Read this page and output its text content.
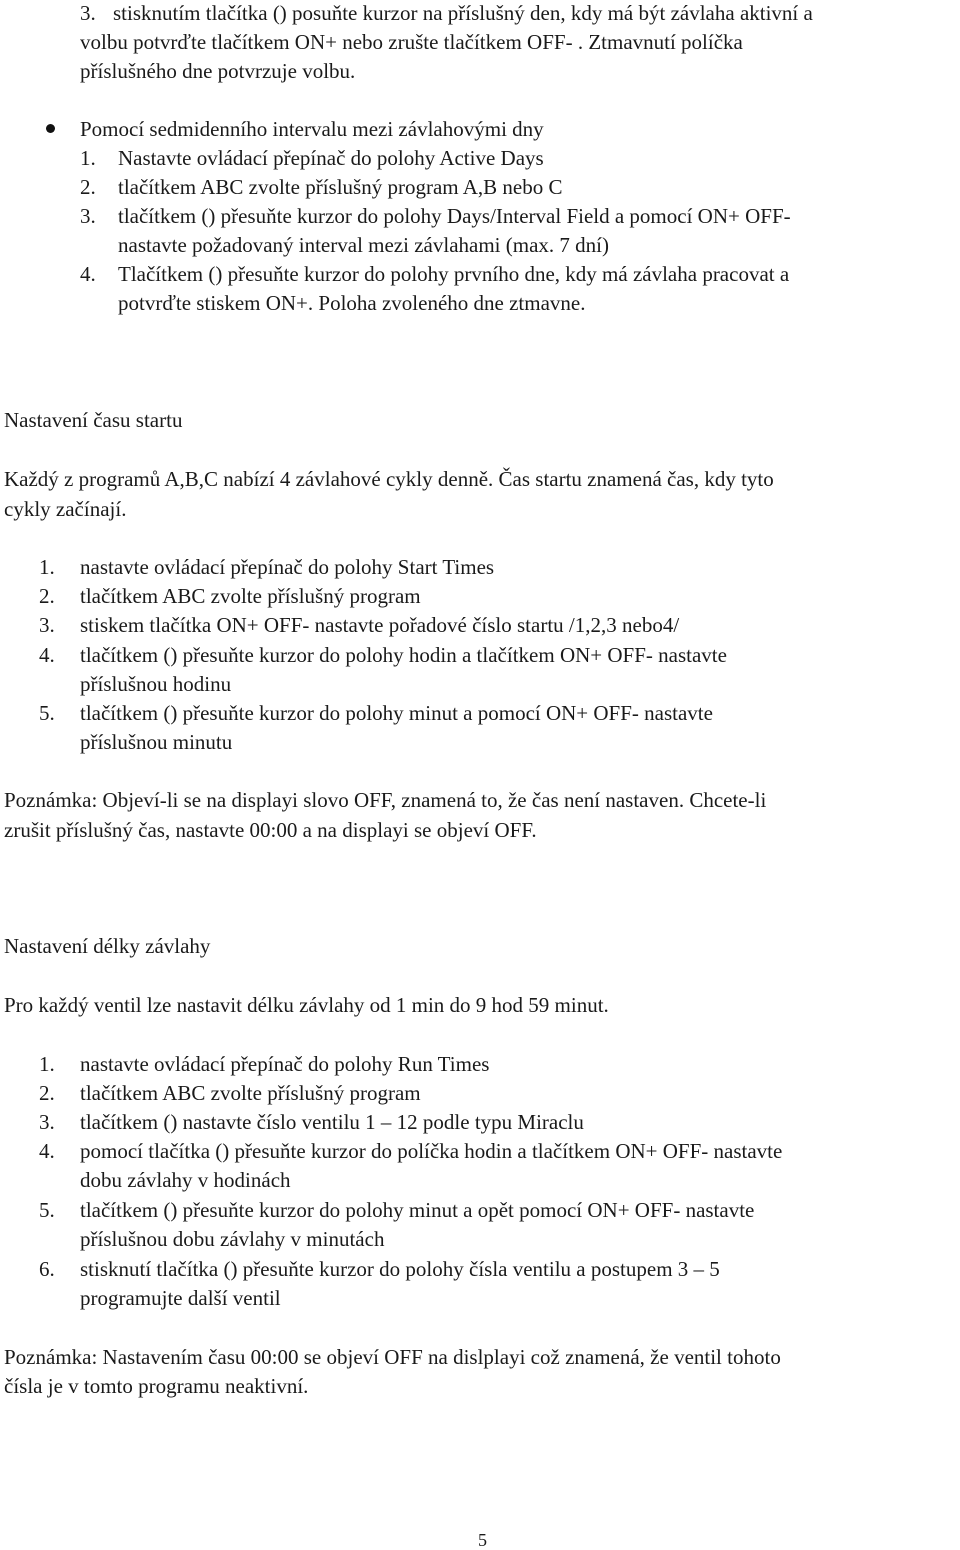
3. stisknutím tlačítka () posuňte kurzor na příslušný den, kdy má být závlaha aktivní a
volbu potvrďte tlačítkem ON+ nebo zrušte tlačítkem OFF- . Ztmavnutí políčka
příslušného dne potvrzuje volbu.
Pomocí sedmidenního intervalu mezi závlahovými dny
1. Nastavte ovládací přepínač do polohy Active Days
2. tlačítkem ABC zvolte příslušný program A,B nebo C
3. tlačítkem () přesuňte kurzor do polohy Days/Interval Field a pomocí ON+ OFF-
nastavte požadovaný interval mezi závlahami (max. 7 dní)
4. Tlačítkem () přesuňte kurzor do polohy prvního dne, kdy má závlaha pracovat a
potvrďte stiskem ON+. Poloha zvoleného dne ztmavne.
Nastavení času startu
Každý z programů A,B,C nabízí 4 závlahové cykly denně. Čas startu znamená čas, kdy tyto
cykly začínají.
1. nastavte ovládací přepínač do polohy Start Times
2. tlačítkem ABC zvolte příslušný program
3. stiskem tlačítka ON+ OFF- nastavte pořadové číslo startu /1,2,3 nebo4/
4. tlačítkem () přesuňte kurzor do polohy hodin a tlačítkem ON+ OFF- nastavte
příslušnou hodinu
5. tlačítkem () přesuňte kurzor do polohy minut a pomocí ON+ OFF- nastavte
příslušnou minutu
Poznámka: Objeví-li se na displayi slovo OFF, znamená to, že čas není nastaven. Chcete-li
zrušit příslušný čas, nastavte 00:00 a na displayi se objeví OFF.
Nastavení délky závlahy
Pro každý ventil lze nastavit délku závlahy od 1 min do 9 hod 59 minut.
1. nastavte ovládací přepínač do polohy Run Times
2. tlačítkem ABC zvolte příslušný program
3. tlačítkem () nastavte číslo ventilu 1 – 12 podle typu Miraclu
4. pomocí tlačítka () přesuňte kurzor do políčka hodin a tlačítkem ON+ OFF- nastavte
dobu závlahy v hodinách
5. tlačítkem () přesuňte kurzor do polohy minut a opět pomocí ON+ OFF- nastavte
příslušnou dobu závlahy v minutách
6. stisknutí tlačítka () přesuňte kurzor do polohy čísla ventilu a postupem 3 – 5
programujte další ventil
Poznámka: Nastavením času 00:00 se objeví OFF na dislplayi což znamená, že ventil tohoto
čísla je v tomto programu neaktivní.
5
